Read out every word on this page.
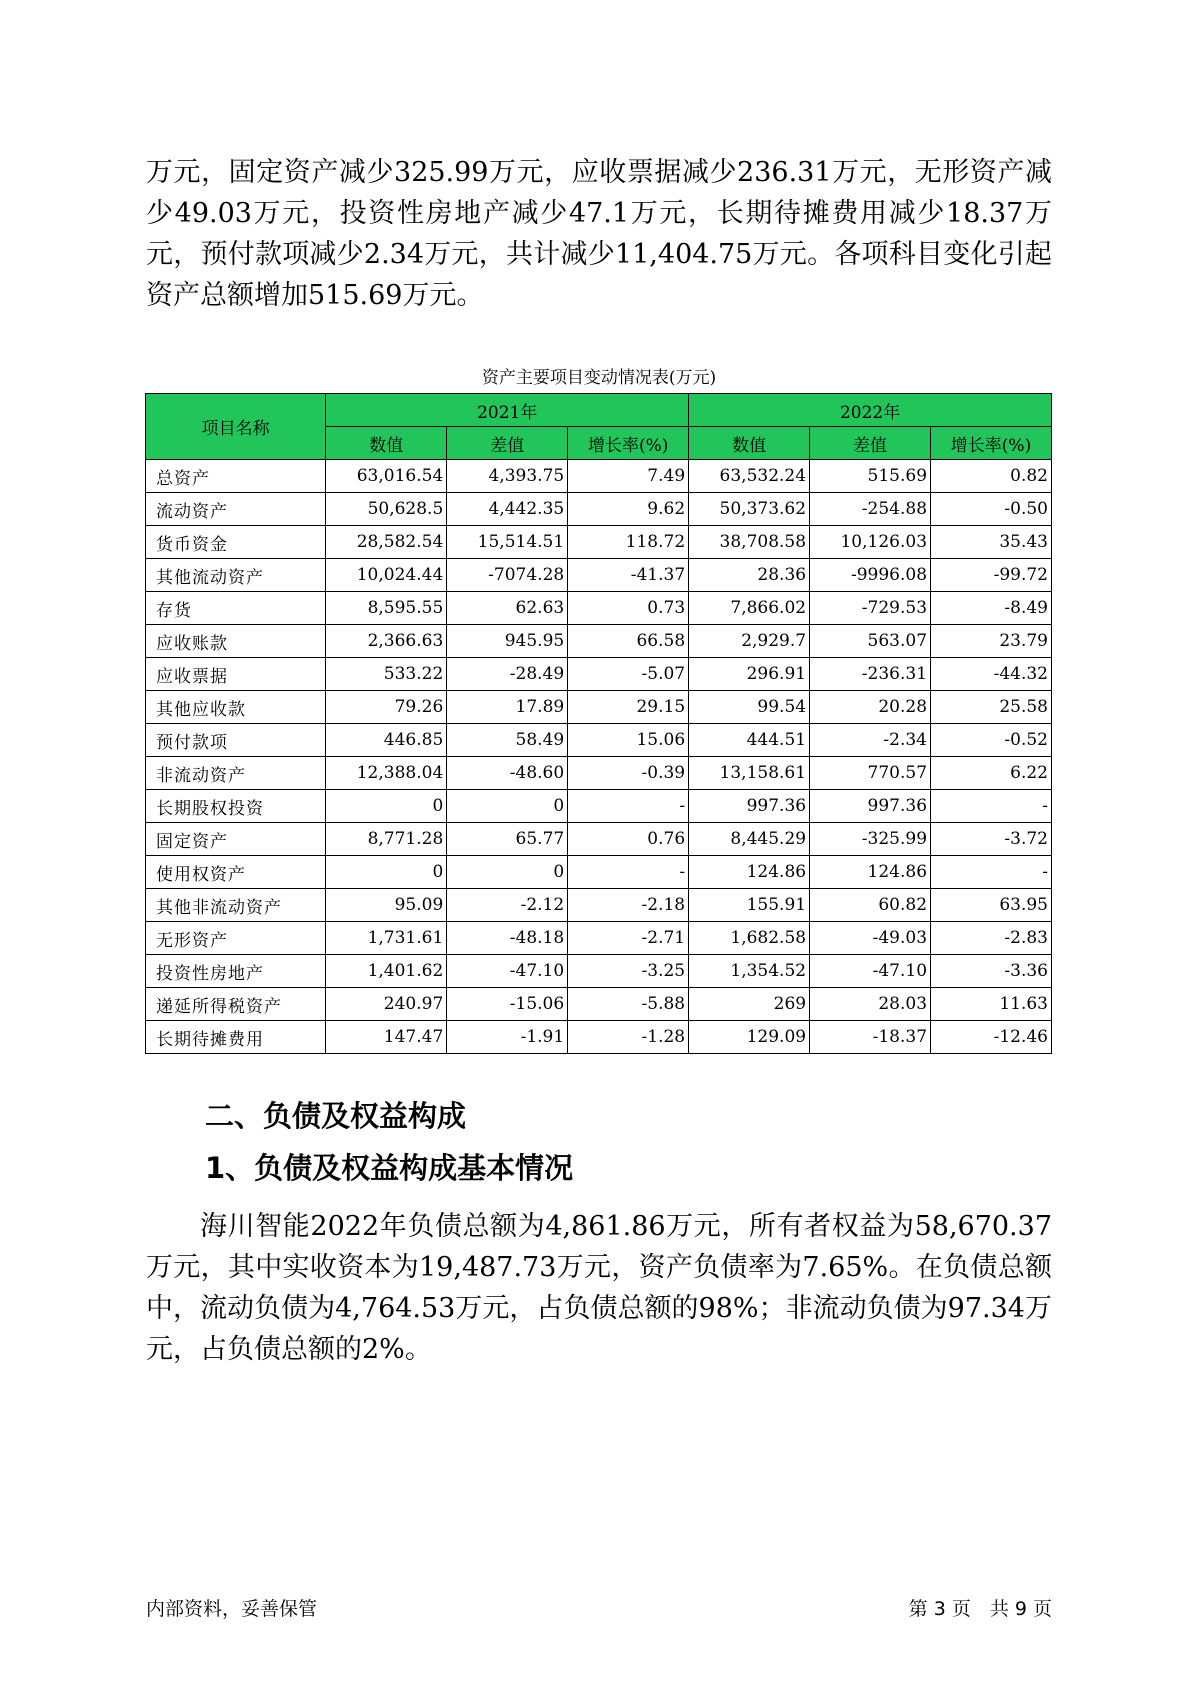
万元，固定资产减少325.99万元，应收票据减少236.31万元，无形资产减少49.03万元，投资性房地产减少47.1万元，长期待摊费用减少18.37万元，预付款项减少2.34万元，共计减少11,404.75万元。各项科目变化引起资产总额增加515.69万元。

资产主要项目变动情况表(万元)
项目名称	2021年			2022年		
	数值	差值	增长率(%)	数值	差值	增长率(%)
总资产	63,016.54	4,393.75	7.49	63,532.24	515.69	0.82
流动资产	50,628.5	4,442.35	9.62	50,373.62	-254.88	-0.50
货币资金	28,582.54	15,514.51	118.72	38,708.58	10,126.03	35.43
其他流动资产	10,024.44	-7074.28	-41.37	28.36	-9996.08	-99.72
存货	8,595.55	62.63	0.73	7,866.02	-729.53	-8.49
应收账款	2,366.63	945.95	66.58	2,929.7	563.07	23.79
应收票据	533.22	-28.49	-5.07	296.91	-236.31	-44.32
其他应收款	79.26	17.89	29.15	99.54	20.28	25.58
预付款项	446.85	58.49	15.06	444.51	-2.34	-0.52
非流动资产	12,388.04	-48.60	-0.39	13,158.61	770.57	6.22
长期股权投资	0	0	-	997.36	997.36	-
固定资产	8,771.28	65.77	0.76	8,445.29	-325.99	-3.72
使用权资产	0	0	-	124.86	124.86	-
其他非流动资产	95.09	-2.12	-2.18	155.91	60.82	63.95
无形资产	1,731.61	-48.18	-2.71	1,682.58	-49.03	-2.83
投资性房地产	1,401.62	-47.10	-3.25	1,354.52	-47.10	-3.36
递延所得税资产	240.97	-15.06	-5.88	269	28.03	11.63
长期待摊费用	147.47	-1.91	-1.28	129.09	-18.37	-12.46
二、负债及权益构成
1、负债及权益构成基本情况

海川智能2022年负债总额为4,861.86万元，所有者权益为58,670.37万元，其中实收资本为19,487.73万元，资产负债率为7.65%。在负债总额中，流动负债为4,764.53万元，占负债总额的98%；非流动负债为97.34万元，占负债总额的2%。

内部资料，妥善保管	第 3 页　共 9 页
